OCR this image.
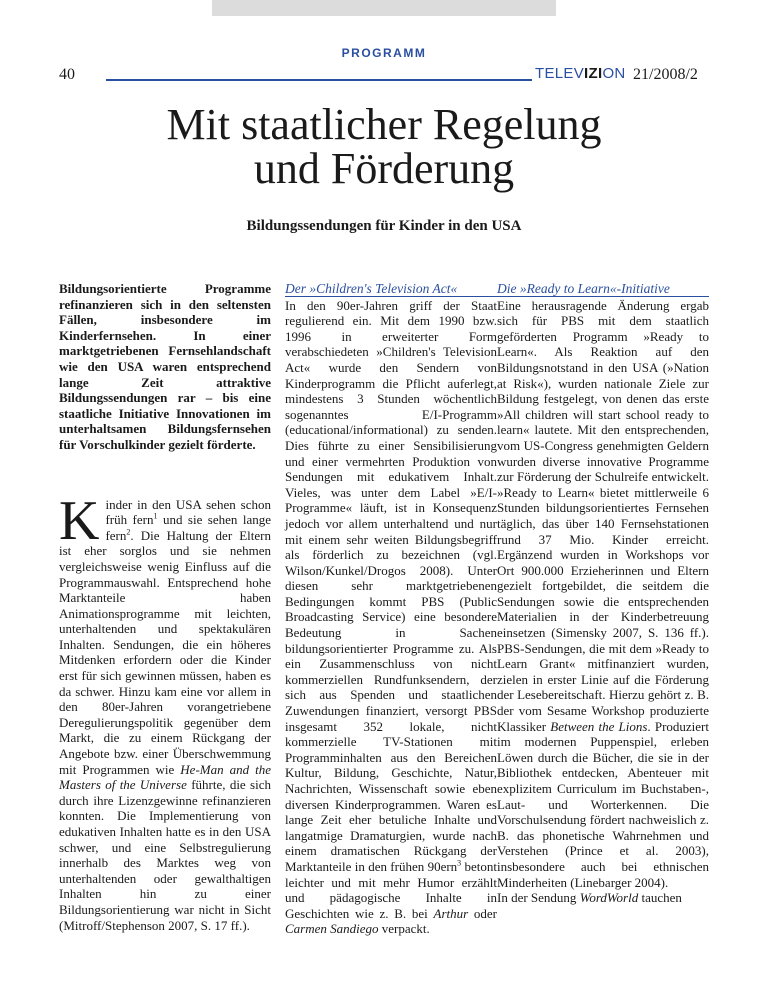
PROGRAMM
40	TELEVIZION 21/2008/2
Mit staatlicher Regelung
und Förderung
Bildungssendungen für Kinder in den USA

Bildungsorientierte Programme refinanzieren sich in den seltensten Fällen, insbesondere im Kinderfernsehen. In einer marktgetriebenen Fernsehlandschaft wie den USA waren entsprechend lange Zeit attraktive Bildungssendungen rar – bis eine staatliche Initiative Innovationen im unterhaltsamen Bildungsfernsehen für Vorschulkinder gezielt förderte.

Kinder in den USA sehen schon früh fern$^1$ und sie sehen lange fern$^2$. Die Haltung der Eltern ist eher sorglos und sie nehmen vergleichsweise wenig Einfluss auf die Programmauswahl. Entsprechend hohe Marktanteile haben Animationsprogramme mit leichten, unterhaltenden und spektakulären Inhalten. Sendungen, die ein höheres Mitdenken erfordern oder die Kinder erst für sich gewinnen müssen, haben es da schwer. Hinzu kam eine vor allem in den 80er-Jahren vorangetriebene Deregulierungspolitik gegenüber dem Markt, die zu einem Rückgang der Angebote bzw. einer Überschwemmung mit Programmen wie He-Man and the Masters of the Universe führte, die sich durch ihre Lizenzgewinne refinanzieren konnten. Die Implementierung von edukativen Inhalten hatte es in den USA schwer, und eine Selbstregulierung innerhalb des Marktes weg von unterhaltenden oder gewalthaltigen Inhalten hin zu einer Bildungsorientierung war nicht in Sicht (Mitroff/Stephenson 2007, S. 17 ff.).

Der »Children's Television Act«

In den 90er-Jahren griff der Staat regulierend ein. Mit dem 1990 bzw. 1996 in erweiterter Form verabschiedeten »Children's Television Act« wurde den Sendern von Kinderprogramm die Pflicht auferlegt, mindestens 3 Stunden wöchentlich sogenanntes E/I-Programm (educational/informational) zu senden. Dies führte zu einer Sensibilisierung und einer vermehrten Produktion von Sendungen mit edukativem Inhalt. Vieles, was unter dem Label »E/I-Programme« läuft, ist in Konsequenz jedoch vor allem unterhaltend und nur mit einem sehr weiten Bildungsbegriff als förderlich zu bezeichnen (vgl. Wilson/Kunkel/Drogos 2008). Unter diesen sehr marktgetriebenen Bedingungen kommt PBS (Public Broadcasting Service) eine besondere Bedeutung in Sachen bildungsorientierter Programme zu. Als ein Zusammenschluss von nicht kommerziellen Rundfunksendern, der sich aus Spenden und staatlichen Zuwendungen finanziert, versorgt PBS insgesamt 352 lokale, nicht kommerzielle TV-Stationen mit Programminhalten aus den Bereichen Kultur, Bildung, Geschichte, Natur, Nachrichten, Wissenschaft sowie eben diversen Kinderprogrammen. Waren es lange Zeit eher betuliche Inhalte und langatmige Dramaturgien, wurde nach einem dramatischen Rückgang der Marktanteile in den frühen 90ern$^3$ betont leichter und mit mehr Humor erzählt und pädagogische Inhalte in Geschichten wie z. B. bei Arthur oder Carmen Sandiego verpackt.

Die »Ready to Learn«-Initiative

Eine herausragende Änderung ergab sich für PBS mit dem staatlich geförderten Programm »Ready to Learn«. Als Reaktion auf den Bildungsnotstand in den USA (»Nation at Risk«), wurden nationale Ziele zur Bildung festgelegt, von denen das erste »All children will start school ready to learn« lautete. Mit den entsprechenden, vom US-Congress genehmigten Geldern wurden diverse innovative Programme zur Förderung der Schulreife entwickelt. »Ready to Learn« bietet mittlerweile 6 Stunden bildungsorientiertes Fernsehen täglich, das über 140 Fernsehstationen rund 37 Mio. Kinder erreicht. Ergänzend wurden in Workshops vor Ort 900.000 Erzieherinnen und Eltern gezielt fortgebildet, die seitdem die Sendungen sowie die entsprechenden Materialien in der Kinderbetreuung einsetzen (Simensky 2007, S. 136 ff.). PBS-Sendungen, die mit dem »Ready to Learn Grant« mitfinanziert wurden, zielen in erster Linie auf die Förderung der Lesebereitschaft. Hierzu gehört z. B. der vom Sesame Workshop produzierte Klassiker Between the Lions. Produziert im modernen Puppenspiel, erleben Löwen durch die Bücher, die sie in der Bibliothek entdecken, Abenteuer mit explizitem Curriculum im Buchstaben-, Laut- und Worterkennen. Die Vorschulsendung fördert nachweislich z. B. das phonetische Wahrnehmen und Verstehen (Prince et al. 2003), insbesondere auch bei ethnischen Minderheiten (Linebarger 2004).

In der Sendung WordWorld tauchen
